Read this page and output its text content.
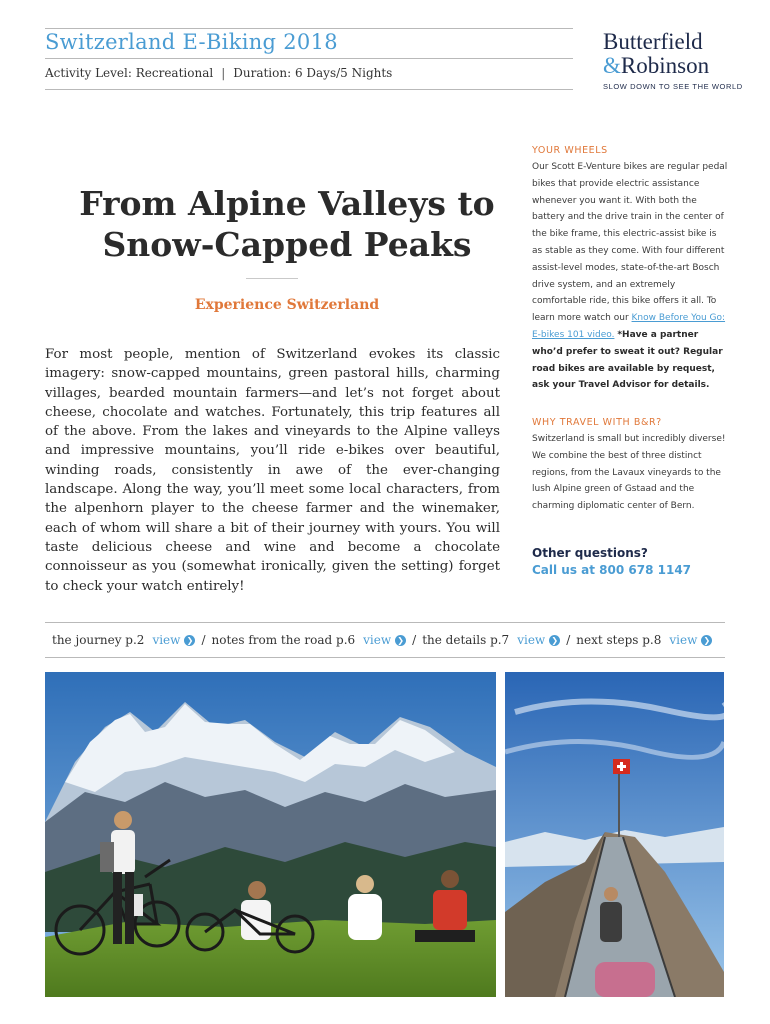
Switzerland E-Biking 2018
Activity Level: Recreational | Duration: 6 Days/5 Nights
Butterfield
&Robinson
SLOW DOWN TO SEE THE WORLD
From Alpine Valleys to Snow-Capped Peaks
Experience Switzerland
For most people, mention of Switzerland evokes its classic imagery: snow-capped mountains, green pastoral hills, charming villages, bearded mountain farmers—and let’s not forget about cheese, chocolate and watches. Fortunately, this trip features all of the above. From the lakes and vineyards to the Alpine valleys and impressive mountains, you’ll ride e-bikes over beautiful, winding roads, consistently in awe of the ever-changing landscape. Along the way, you’ll meet some local characters, from the alpenhorn player to the cheese farmer and the winemaker, each of whom will share a bit of their journey with yours. You will taste delicious cheese and wine and become a chocolate connoisseur as you (somewhat ironically, given the setting) forget to check your watch entirely!
YOUR WHEELS

Our Scott E-Venture bikes are regular pedal bikes that provide electric assistance whenever you want it. With both the battery and the drive train in the center of the bike frame, this electric-assist bike is as stable as they come. With four different assist-level modes, state-of-the-art Bosch drive system, and an extremely comfortable ride, this bike offers it all. To learn more watch our Know Before You Go: E-bikes 101 video. *Have a partner who’d prefer to sweat it out? Regular road bikes are available by request, ask your Travel Advisor for details.

WHY TRAVEL WITH B&R?

Switzerland is small but incredibly diverse! We combine the best of three distinct regions, from the Lavaux vineyards to the lush Alpine green of Gstaad and the charming diplomatic center of Bern.

Other questions?
Call us at 800 678 1147
the journey p.2 view ❯ / notes from the road p.6 view ❯ / the details p.7 view ❯ / next steps p.8 view ❯
